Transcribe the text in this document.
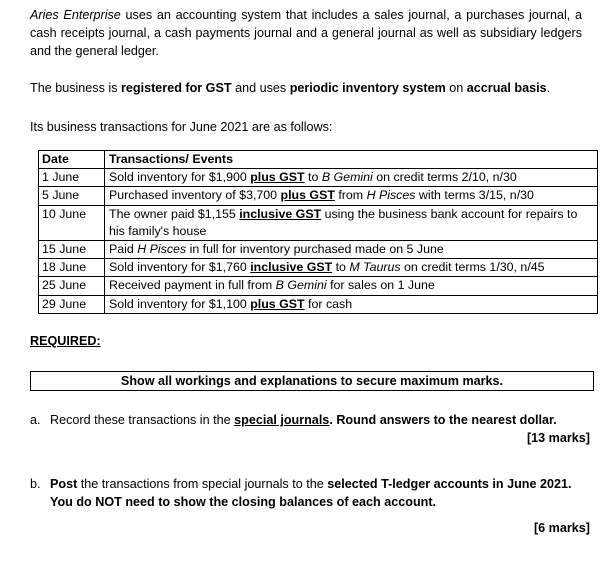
Aries Enterprise uses an accounting system that includes a sales journal, a purchases journal, a cash receipts journal, a cash payments journal and a general journal as well as subsidiary ledgers and the general ledger.
The business is registered for GST and uses periodic inventory system on accrual basis.
Its business transactions for June 2021 are as follows:
Date	Transactions/ Events
1 June	Sold inventory for $1,900 plus GST to B Gemini on credit terms 2/10, n/30
5 June	Purchased inventory of $3,700 plus GST from H Pisces with terms 3/15, n/30
10 June	The owner paid $1,155 inclusive GST using the business bank account for repairs to his family's house
15 June	Paid H Pisces in full for inventory purchased made on 5 June
18 June	Sold inventory for $1,760 inclusive GST to M Taurus on credit terms 1/30, n/45
25 June	Received payment in full from B Gemini for sales on 1 June
29 June	Sold inventory for $1,100 plus GST for cash
REQUIRED:
Show all workings and explanations to secure maximum marks.
a. Record these transactions in the special journals. Round answers to the nearest dollar.
[13 marks]
b. Post the transactions from special journals to the selected T-ledger accounts in June 2021. You do NOT need to show the closing balances of each account.
[6 marks]
